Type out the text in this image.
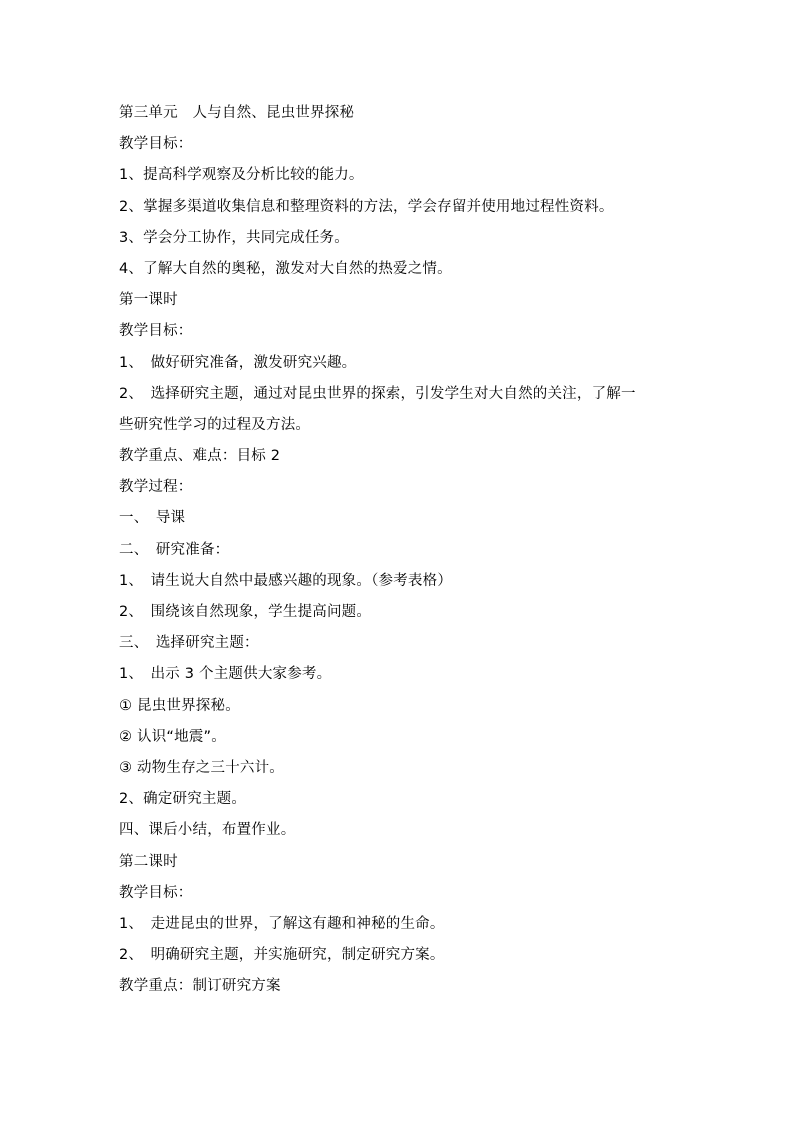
第三单元　人与自然、昆虫世界探秘
教学目标：
1、提高科学观察及分析比较的能力。
2、掌握多渠道收集信息和整理资料的方法，学会存留并使用地过程性资料。
3、学会分工协作，共同完成任务。
4、了解大自然的奥秘，激发对大自然的热爱之情。
第一课时
教学目标：
1、　做好研究准备，激发研究兴趣。
2、　选择研究主题，通过对昆虫世界的探索，引发学生对大自然的关注，了解一
些研究性学习的过程及方法。
教学重点、难点：目标 2
教学过程：
一、　导课
二、　研究准备：
1、　请生说大自然中最感兴趣的现象。（参考表格）
2、　围绕该自然现象，学生提高问题。
三、　选择研究主题：
1、　出示 3 个主题供大家参考。
① 昆虫世界探秘。
② 认识“地震”。
③ 动物生存之三十六计。
2、确定研究主题。
四、课后小结，布置作业。
第二课时
教学目标：
1、　走进昆虫的世界，了解这有趣和神秘的生命。
2、　明确研究主题，并实施研究，制定研究方案。
教学重点：制订研究方案
